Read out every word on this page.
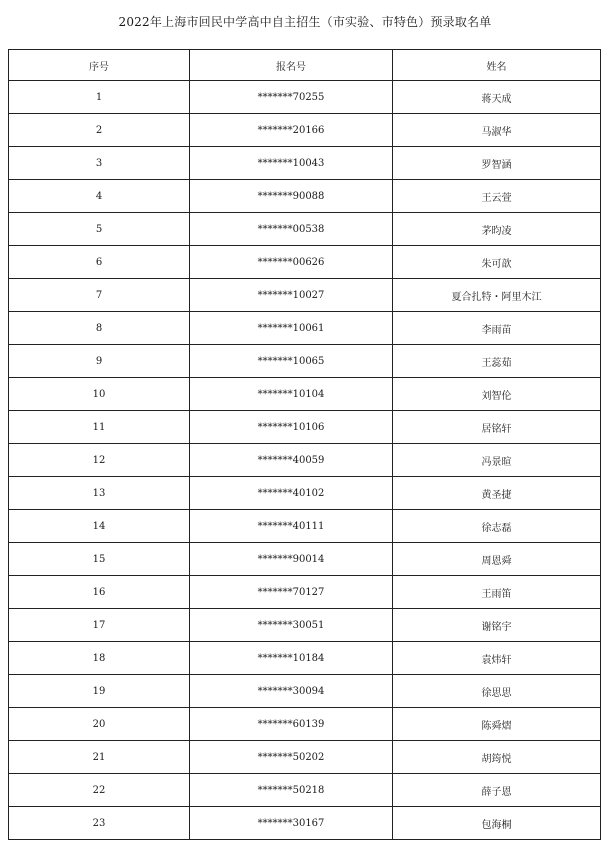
2022年上海市回民中学高中自主招生（市实验、市特色）预录取名单
序号	报名号	姓名
1	*******70255	蒋天成
2	*******20166	马淑华
3	*******10043	罗智涵
4	*******90088	王云萱
5	*******00538	茅昀凌
6	*******00626	朱可歆
7	*******10027	夏合扎特・阿里木江
8	*******10061	李雨苗
9	*******10065	王蕊茹
10	*******10104	刘智伦
11	*******10106	居铭轩
12	*******40059	冯景暄
13	*******40102	黄圣捷
14	*******40111	徐志磊
15	*******90014	周恩舜
16	*******70127	王雨笛
17	*******30051	谢铭宇
18	*******10184	袁炜轩
19	*******30094	徐思思
20	*******60139	陈舜熠
21	*******50202	胡筠悦
22	*******50218	薛子恩
23	*******30167	包海桐
